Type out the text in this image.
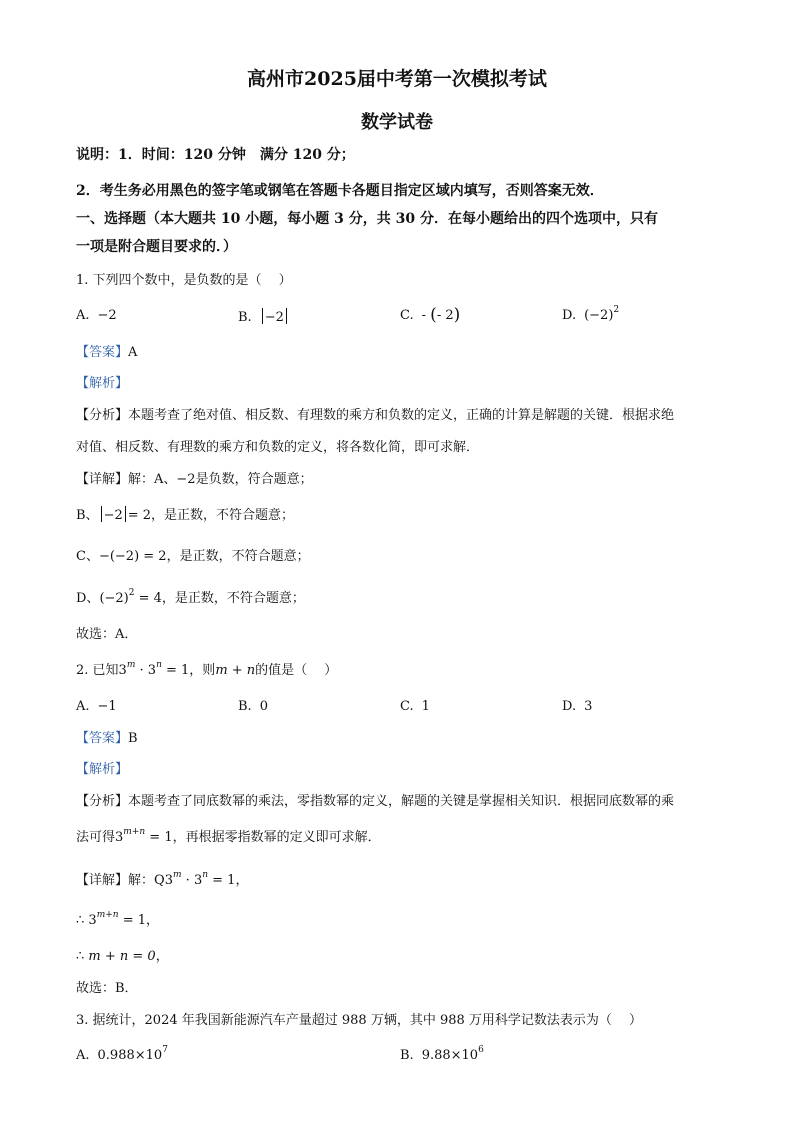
高州市2025届中考第一次模拟考试
数学试卷
说明：1．时间：120 分钟　满分 120 分；
2．考生务必用黑色的签字笔或钢笔在答题卡各题目指定区域内填写，否则答案无效．
一、选择题（本大题共 10 小题，每小题 3 分，共 30 分．在每小题给出的四个选项中，只有
一项是附合题目要求的．）
1. 下列四个数中，是负数的是（　 ）
A. −2	B. −2	C. - (- 2)	D. $(-2)^2$
【答案】A
【解析】
【分析】本题考查了绝对值、相反数、有理数的乘方和负数的定义，正确的计算是解题的关键．根据求绝
对值、相反数、有理数的乘方和负数的定义，将各数化简，即可求解．
【详解】解：A、−2是负数，符合题意；
B、 −2 = 2，是正数，不符合题意；
C、−(−2) = 2，是正数，不符合题意；
D、$(-2)^2 = 4$，是正数，不符合题意；
故选：A．
2. 已知$3^m \cdot 3^n = 1$，则m + n的值是（　 ）
A. −1	B. 0	C. 1	D. 3
【答案】B
【解析】
【分析】本题考查了同底数幂的乘法，零指数幂的定义，解题的关键是掌握相关知识．根据同底数幂的乘
法可得$3^{m+n} = 1$，再根据零指数幂的定义即可求解．
【详解】解：$Q3^m \cdot 3^n = 1$，
∴ $3^{m+n} = 1$，
∴ m + n = 0，
故选：B．
3. 据统计，2024 年我国新能源汽车产量超过 988 万辆，其中 988 万用科学记数法表示为（　 ）
A. $0.988\times 10^7$	B. $9.88\times 10^6$
